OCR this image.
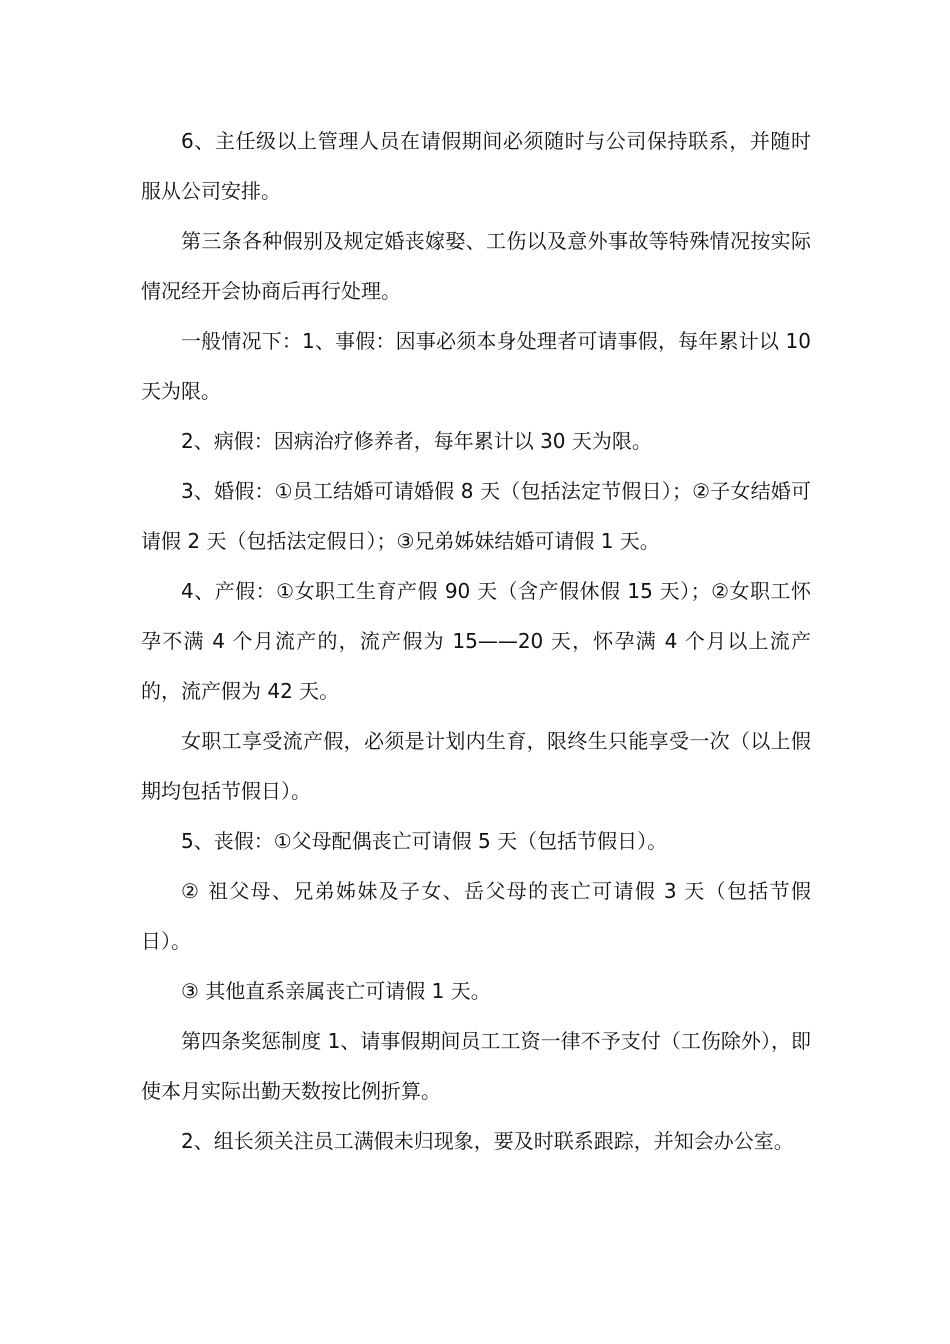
6、主任级以上管理人员在请假期间必须随时与公司保持联系，并随时服从公司安排。

第三条各种假别及规定婚丧嫁娶、工伤以及意外事故等特殊情况按实际情况经开会协商后再行处理。

一般情况下：1、事假：因事必须本身处理者可请事假，每年累计以 10 天为限。

2、病假：因病治疗修养者，每年累计以 30 天为限。

3、婚假：①员工结婚可请婚假 8 天（包括法定节假日）；②子女结婚可请假 2 天（包括法定假日）；③兄弟姊妹结婚可请假 1 天。

4、产假：①女职工生育产假 90 天（含产假休假 15 天）；②女职工怀孕不满 4 个月流产的，流产假为 15——20 天，怀孕满 4 个月以上流产的，流产假为 42 天。

女职工享受流产假，必须是计划内生育，限终生只能享受一次（以上假期均包括节假日）。

5、丧假：①父母配偶丧亡可请假 5 天（包括节假日）。

② 祖父母、兄弟姊妹及子女、岳父母的丧亡可请假 3 天（包括节假日）。

③ 其他直系亲属丧亡可请假 1 天。

第四条奖惩制度 1、请事假期间员工工资一律不予支付（工伤除外），即使本月实际出勤天数按比例折算。

2、组长须关注员工满假未归现象，要及时联系跟踪，并知会办公室。
